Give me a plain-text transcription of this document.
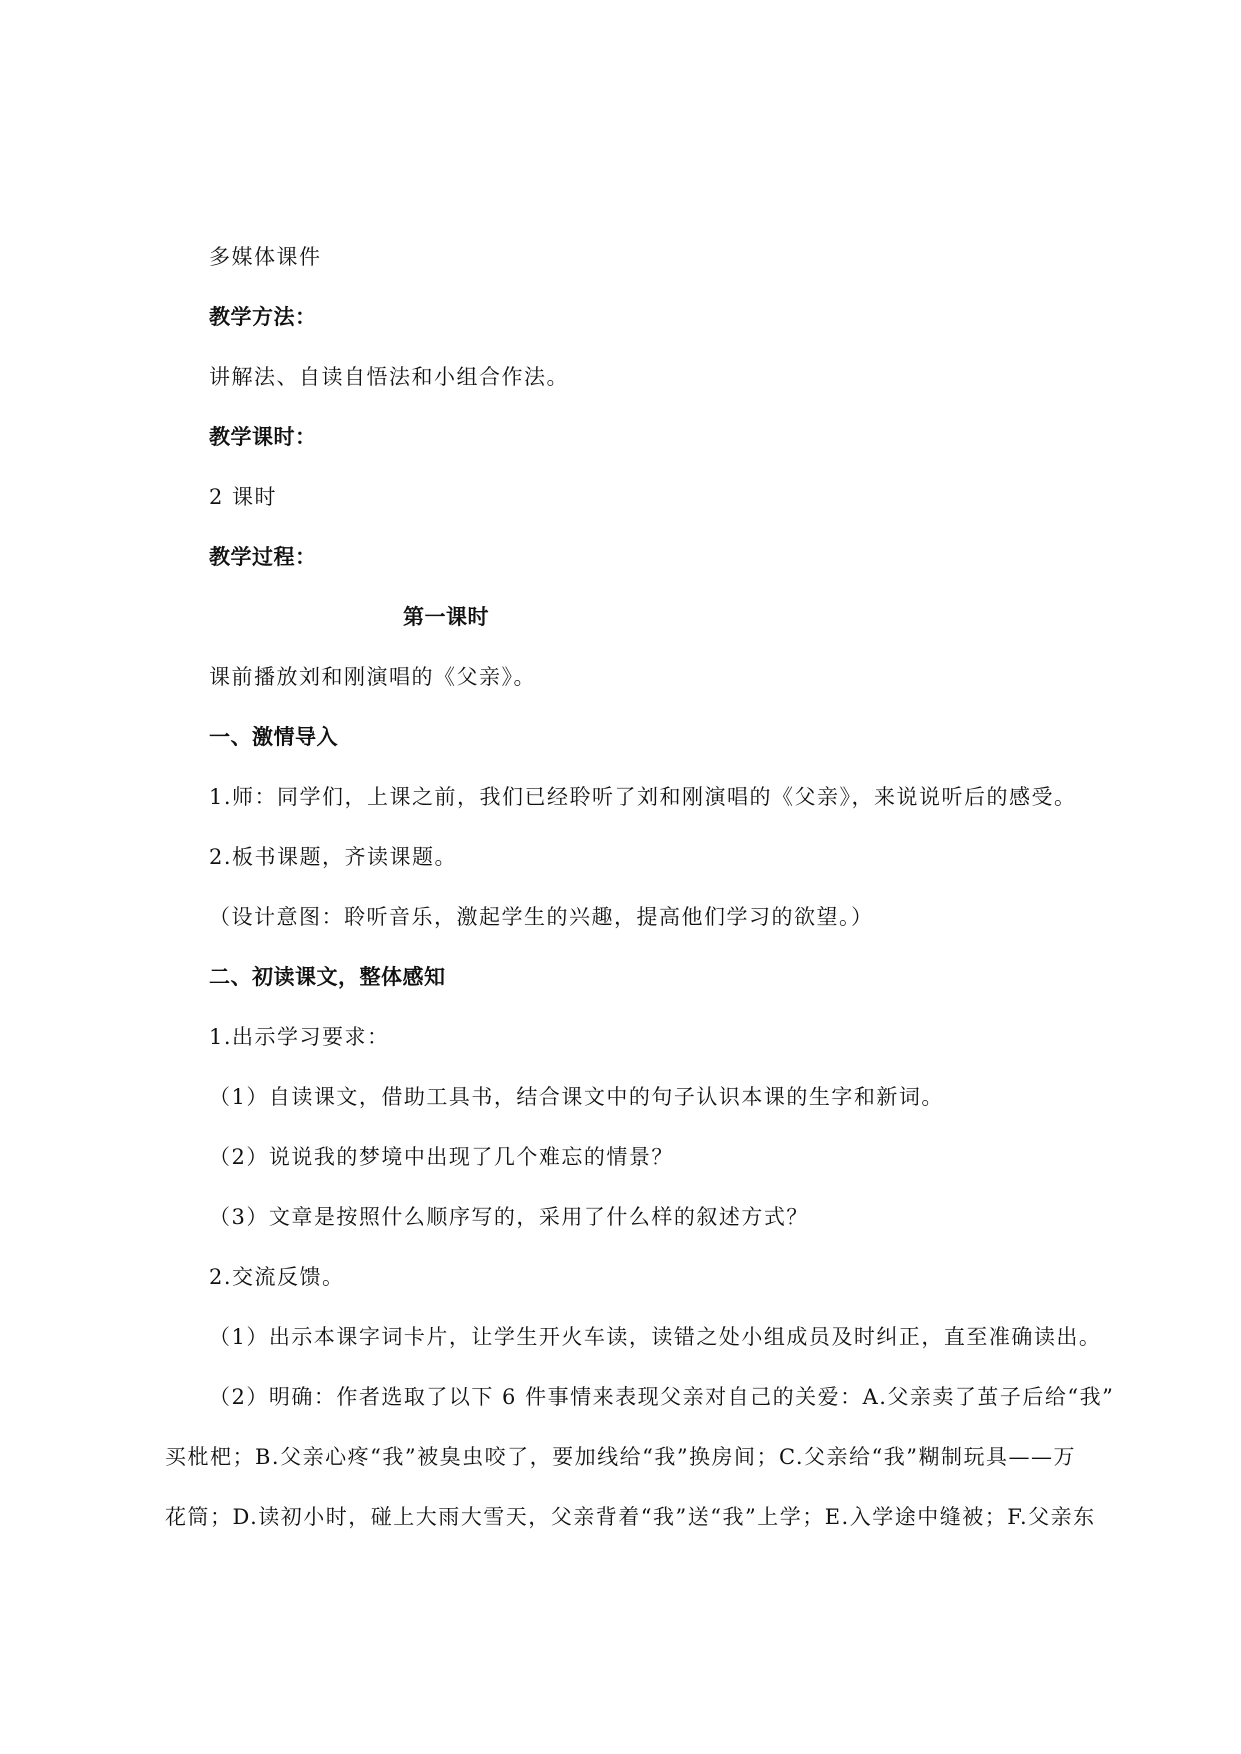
多媒体课件
教学方法：
讲解法、自读自悟法和小组合作法。
教学课时：
2 课时
教学过程：
第一课时
课前播放刘和刚演唱的《父亲》。
一、激情导入
1.师：同学们，上课之前，我们已经聆听了刘和刚演唱的《父亲》，来说说听后的感受。
2.板书课题，齐读课题。
（设计意图：聆听音乐，激起学生的兴趣，提高他们学习的欲望。）
二、初读课文，整体感知
1.出示学习要求：
（1）自读课文，借助工具书，结合课文中的句子认识本课的生字和新词。
（2）说说我的梦境中出现了几个难忘的情景？
（3）文章是按照什么顺序写的，采用了什么样的叙述方式？
2.交流反馈。
（1）出示本课字词卡片，让学生开火车读，读错之处小组成员及时纠正，直至准确读出。
（2）明确：作者选取了以下 6 件事情来表现父亲对自己的关爱：A.父亲卖了茧子后给“我”
买枇杷；B.父亲心疼“我”被臭虫咬了，要加线给“我”换房间；C.父亲给“我”糊制玩具——万
花筒；D.读初小时，碰上大雨大雪天，父亲背着“我”送“我”上学；E.入学途中缝被；F.父亲东
